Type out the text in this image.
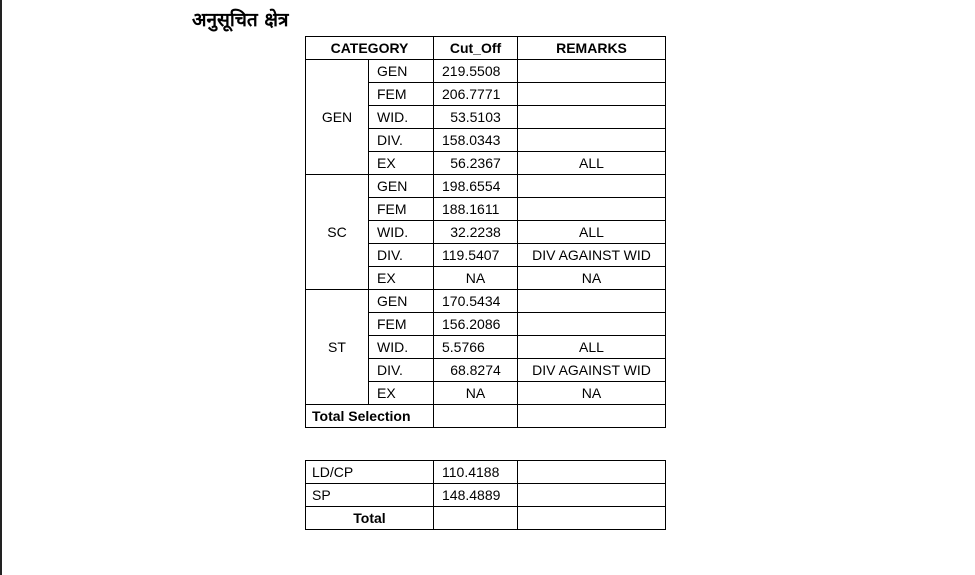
अनुसूचित क्षेत्र
CATEGORY		Cut_Off	REMARKS
GEN	GEN	219.5508	
	FEM	206.7771	
	WID.	53.5103	
	DIV.	158.0343	
	EX	56.2367	ALL
SC	GEN	198.6554	
	FEM	188.1611	
	WID.	32.2238	ALL
	DIV.	119.5407	DIV AGAINST WID
	EX	NA	NA
ST	GEN	170.5434	
	FEM	156.2086	
	WID.	5.5766	ALL
	DIV.	68.8274	DIV AGAINST WID
	EX	NA	NA
Total Selection			
LD/CP	110.4188	
SP	148.4889	
Total		
